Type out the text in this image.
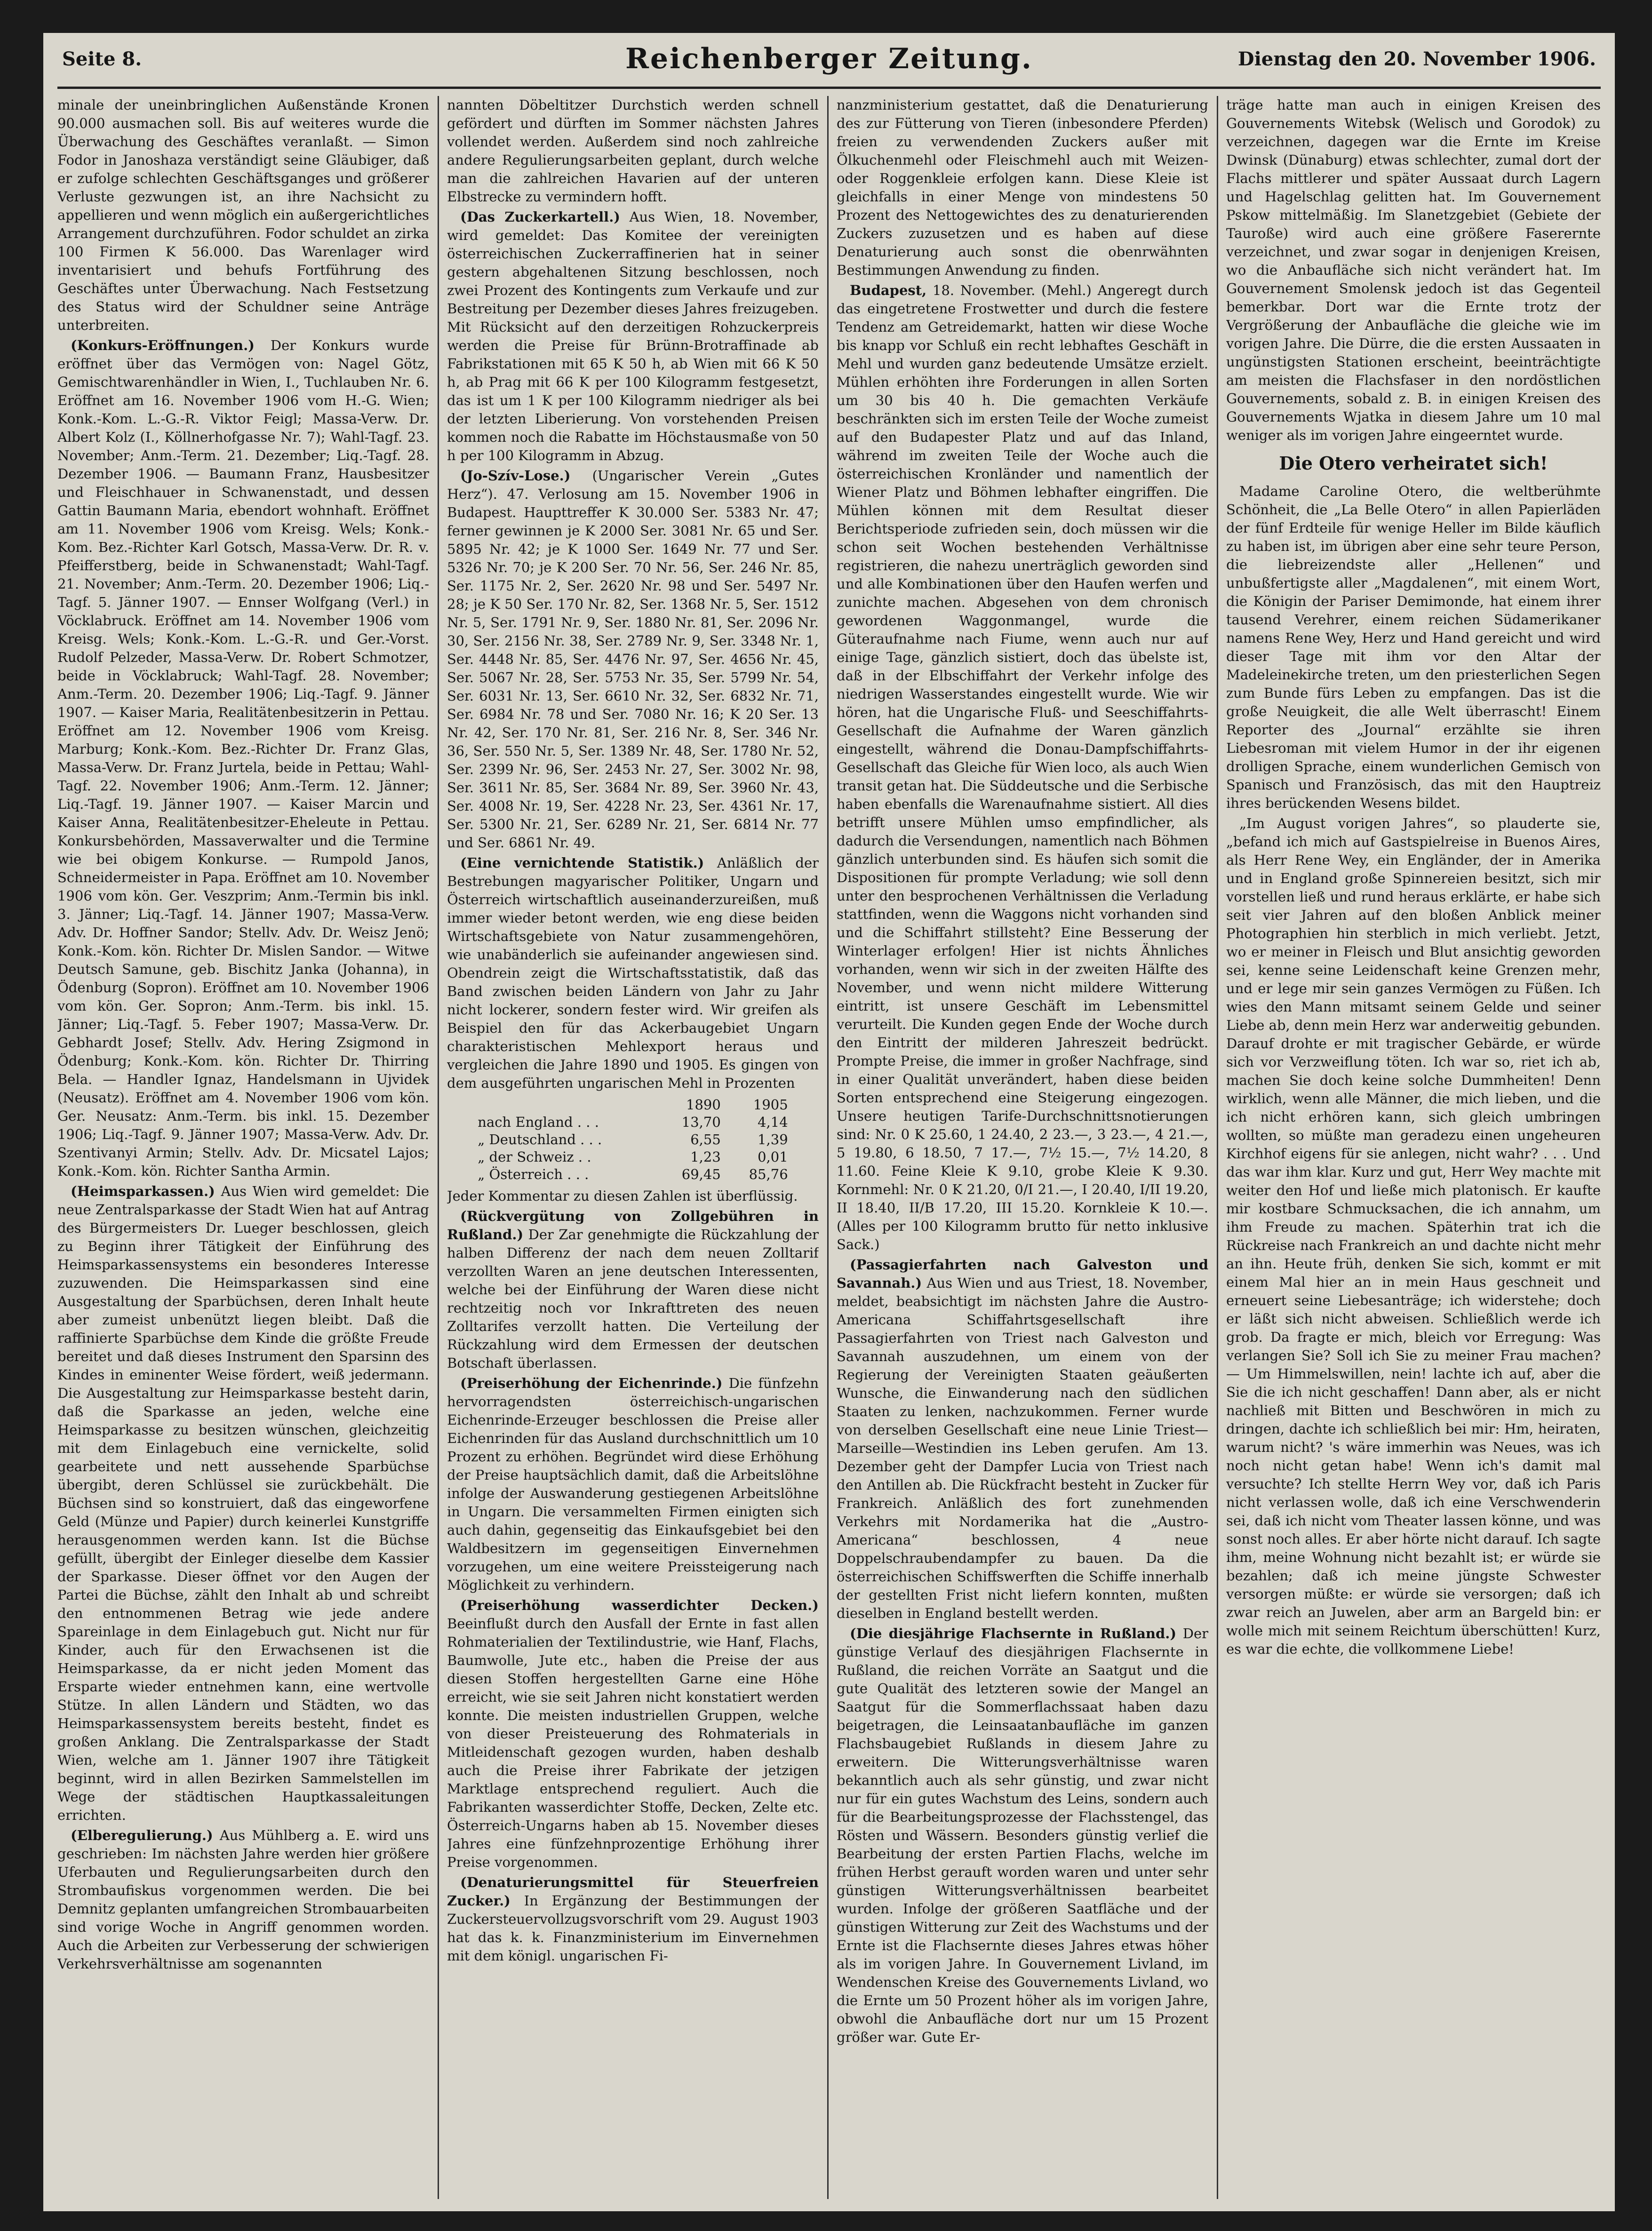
Seite 8.	Reichenberger Zeitung.	Dienstag den 20. November 1906.

minale der uneinbringlichen Außenstände Kronen 90.000 ausmachen soll. Bis auf weiteres wurde die Überwachung des Geschäftes veranlaßt. — Simon Fodor in Janoshaza verständigt seine Gläubiger, daß er zufolge schlechten Geschäftsganges und größerer Verluste gezwungen ist, an ihre Nachsicht zu appellieren und wenn möglich ein außergerichtliches Arrangement durchzuführen. Fodor schuldet an zirka 100 Firmen K 56.000. Das Warenlager wird inventarisiert und behufs Fortführung des Geschäftes unter Überwachung. Nach Festsetzung des Status wird der Schuldner seine Anträge unterbreiten.

(Konkurs-Eröffnungen.) Der Konkurs wurde eröffnet über das Vermögen von: Nagel Götz, Gemischtwarenhändler in Wien, I., Tuchlauben Nr. 6. Eröffnet am 16. November 1906 vom H.-G. Wien; Konk.-Kom. L.-G.-R. Viktor Feigl; Massa-Verw. Dr. Albert Kolz (I., Köllnerhofgasse Nr. 7); Wahl-Tagf. 23. November; Anm.-Term. 21. Dezember; Liq.-Tagf. 28. Dezember 1906. — Baumann Franz, Hausbesitzer und Fleischhauer in Schwanenstadt, und dessen Gattin Baumann Maria, ebendort wohnhaft. Eröffnet am 11. November 1906 vom Kreisg. Wels; Konk.-Kom. Bez.-Richter Karl Gotsch, Massa-Verw. Dr. R. v. Pfeifferstberg, beide in Schwanenstadt; Wahl-Tagf. 21. November; Anm.-Term. 20. Dezember 1906; Liq.-Tagf. 5. Jänner 1907. — Ennser Wolfgang (Verl.) in Vöcklabruck. Eröffnet am 14. November 1906 vom Kreisg. Wels; Konk.-Kom. L.-G.-R. und Ger.-Vorst. Rudolf Pelzeder, Massa-Verw. Dr. Robert Schmotzer, beide in Vöcklabruck; Wahl-Tagf. 28. November; Anm.-Term. 20. Dezember 1906; Liq.-Tagf. 9. Jänner 1907. — Kaiser Maria, Realitätenbesitzerin in Pettau. Eröffnet am 12. November 1906 vom Kreisg. Marburg; Konk.-Kom. Bez.-Richter Dr. Franz Glas, Massa-Verw. Dr. Franz Jurtela, beide in Pettau; Wahl-Tagf. 22. November 1906; Anm.-Term. 12. Jänner; Liq.-Tagf. 19. Jänner 1907. — Kaiser Marcin und Kaiser Anna, Realitätenbesitzer-Eheleute in Pettau. Konkursbehörden, Massaverwalter und die Termine wie bei obigem Konkurse. — Rumpold Janos, Schneidermeister in Papa. Eröffnet am 10. November 1906 vom kön. Ger. Veszprim; Anm.-Termin bis inkl. 3. Jänner; Liq.-Tagf. 14. Jänner 1907; Massa-Verw. Adv. Dr. Hoffner Sandor; Stellv. Adv. Dr. Weisz Jenö; Konk.-Kom. kön. Richter Dr. Mislen Sandor. — Witwe Deutsch Samune, geb. Bischitz Janka (Johanna), in Ödenburg (Sopron). Eröffnet am 10. November 1906 vom kön. Ger. Sopron; Anm.-Term. bis inkl. 15. Jänner; Liq.-Tagf. 5. Feber 1907; Massa-Verw. Dr. Gebhardt Josef; Stellv. Adv. Hering Zsigmond in Ödenburg; Konk.-Kom. kön. Richter Dr. Thirring Bela. — Handler Ignaz, Handelsmann in Ujvidek (Neusatz). Eröffnet am 4. November 1906 vom kön. Ger. Neusatz: Anm.-Term. bis inkl. 15. Dezember 1906; Liq.-Tagf. 9. Jänner 1907; Massa-Verw. Adv. Dr. Szentivanyi Armin; Stellv. Adv. Dr. Micsatel Lajos; Konk.-Kom. kön. Richter Santha Armin.

(Heimsparkassen.) Aus Wien wird gemeldet: Die neue Zentralsparkasse der Stadt Wien hat auf Antrag des Bürgermeisters Dr. Lueger beschlossen, gleich zu Beginn ihrer Tätigkeit der Einführung des Heimsparkassensystems ein besonderes Interesse zuzuwenden. Die Heimsparkassen sind eine Ausgestaltung der Sparbüchsen, deren Inhalt heute aber zumeist unbenützt liegen bleibt. Daß die raffinierte Sparbüchse dem Kinde die größte Freude bereitet und daß dieses Instrument den Sparsinn des Kindes in eminenter Weise fördert, weiß jedermann. Die Ausgestaltung zur Heimsparkasse besteht darin, daß die Sparkasse an jeden, welche eine Heimsparkasse zu besitzen wünschen, gleichzeitig mit dem Einlagebuch eine vernickelte, solid gearbeitete und nett aussehende Sparbüchse übergibt, deren Schlüssel sie zurückbehält. Die Büchsen sind so konstruiert, daß das eingeworfene Geld (Münze und Papier) durch keinerlei Kunstgriffe herausgenommen werden kann. Ist die Büchse gefüllt, übergibt der Einleger dieselbe dem Kassier der Sparkasse. Dieser öffnet vor den Augen der Partei die Büchse, zählt den Inhalt ab und schreibt den entnommenen Betrag wie jede andere Spareinlage in dem Einlagebuch gut. Nicht nur für Kinder, auch für den Erwachsenen ist die Heimsparkasse, da er nicht jeden Moment das Ersparte wieder entnehmen kann, eine wertvolle Stütze. In allen Ländern und Städten, wo das Heimsparkassensystem bereits besteht, findet es großen Anklang. Die Zentralsparkasse der Stadt Wien, welche am 1. Jänner 1907 ihre Tätigkeit beginnt, wird in allen Bezirken Sammelstellen im Wege der städtischen Hauptkassaleitungen errichten.

(Elberegulierung.) Aus Mühlberg a. E. wird uns geschrieben: Im nächsten Jahre werden hier größere Uferbauten und Regulierungsarbeiten durch den Strombaufiskus vorgenommen werden. Die bei Demnitz geplanten umfangreichen Strombauarbeiten sind vorige Woche in Angriff genommen worden. Auch die Arbeiten zur Verbesserung der schwierigen Verkehrsverhältnisse am sogenannten

nannten Döbeltitzer Durchstich werden schnell gefördert und dürften im Sommer nächsten Jahres vollendet werden. Außerdem sind noch zahlreiche andere Regulierungsarbeiten geplant, durch welche man die zahlreichen Havarien auf der unteren Elbstrecke zu vermindern hofft.

(Das Zuckerkartell.) Aus Wien, 18. November, wird gemeldet: Das Komitee der vereinigten österreichischen Zuckerraffinerien hat in seiner gestern abgehaltenen Sitzung beschlossen, noch zwei Prozent des Kontingents zum Verkaufe und zur Bestreitung per Dezember dieses Jahres freizugeben. Mit Rücksicht auf den derzeitigen Rohzuckerpreis werden die Preise für Brünn-Brotraffinade ab Fabrikstationen mit 65 K 50 h, ab Wien mit 66 K 50 h, ab Prag mit 66 K per 100 Kilogramm festgesetzt, das ist um 1 K per 100 Kilogramm niedriger als bei der letzten Liberierung. Von vorstehenden Preisen kommen noch die Rabatte im Höchstausmaße von 50 h per 100 Kilogramm in Abzug.

(Jo-Szív-Lose.) (Ungarischer Verein „Gutes Herz“). 47. Verlosung am 15. November 1906 in Budapest. Haupttreffer K 30.000 Ser. 5383 Nr. 47; ferner gewinnen je K 2000 Ser. 3081 Nr. 65 und Ser. 5895 Nr. 42; je K 1000 Ser. 1649 Nr. 77 und Ser. 5326 Nr. 70; je K 200 Ser. 70 Nr. 56, Ser. 246 Nr. 85, Ser. 1175 Nr. 2, Ser. 2620 Nr. 98 und Ser. 5497 Nr. 28; je K 50 Ser. 170 Nr. 82, Ser. 1368 Nr. 5, Ser. 1512 Nr. 5, Ser. 1791 Nr. 9, Ser. 1880 Nr. 81, Ser. 2096 Nr. 30, Ser. 2156 Nr. 38, Ser. 2789 Nr. 9, Ser. 3348 Nr. 1, Ser. 4448 Nr. 85, Ser. 4476 Nr. 97, Ser. 4656 Nr. 45, Ser. 5067 Nr. 28, Ser. 5753 Nr. 35, Ser. 5799 Nr. 54, Ser. 6031 Nr. 13, Ser. 6610 Nr. 32, Ser. 6832 Nr. 71, Ser. 6984 Nr. 78 und Ser. 7080 Nr. 16; K 20 Ser. 13 Nr. 42, Ser. 170 Nr. 81, Ser. 216 Nr. 8, Ser. 346 Nr. 36, Ser. 550 Nr. 5, Ser. 1389 Nr. 48, Ser. 1780 Nr. 52, Ser. 2399 Nr. 96, Ser. 2453 Nr. 27, Ser. 3002 Nr. 98, Ser. 3611 Nr. 85, Ser. 3684 Nr. 89, Ser. 3960 Nr. 43, Ser. 4008 Nr. 19, Ser. 4228 Nr. 23, Ser. 4361 Nr. 17, Ser. 5300 Nr. 21, Ser. 6289 Nr. 21, Ser. 6814 Nr. 77 und Ser. 6861 Nr. 49.

(Eine vernichtende Statistik.) Anläßlich der Bestrebungen magyarischer Politiker, Ungarn und Österreich wirtschaftlich auseinanderzureißen, muß immer wieder betont werden, wie eng diese beiden Wirtschaftsgebiete von Natur zusammengehören, wie unabänderlich sie aufeinander angewiesen sind. Obendrein zeigt die Wirtschaftsstatistik, daß das Band zwischen beiden Ländern von Jahr zu Jahr nicht lockerer, sondern fester wird. Wir greifen als Beispiel den für das Ackerbaugebiet Ungarn charakteristischen Mehlexport heraus und vergleichen die Jahre 1890 und 1905. Es gingen von dem ausgeführten ungarischen Mehl in Prozenten

	1890	1905
nach England . . .	13,70	4,14
„ Deutschland . . .	6,55	1,39
„ der Schweiz . .	1,23	0,01
„ Österreich . . .	69,45	85,76

Jeder Kommentar zu diesen Zahlen ist überflüssig.

(Rückvergütung von Zollgebühren in Rußland.) Der Zar genehmigte die Rückzahlung der halben Differenz der nach dem neuen Zolltarif verzollten Waren an jene deutschen Interessenten, welche bei der Einführung der Waren diese nicht rechtzeitig noch vor Inkrafttreten des neuen Zolltarifes verzollt hatten. Die Verteilung der Rückzahlung wird dem Ermessen der deutschen Botschaft überlassen.

(Preiserhöhung der Eichenrinde.) Die fünfzehn hervorragendsten österreichisch-ungarischen Eichenrinde-Erzeuger beschlossen die Preise aller Eichenrinden für das Ausland durchschnittlich um 10 Prozent zu erhöhen. Begründet wird diese Erhöhung der Preise hauptsächlich damit, daß die Arbeitslöhne infolge der Auswanderung gestiegenen Arbeitslöhne in Ungarn. Die versammelten Firmen einigten sich auch dahin, gegenseitig das Einkaufsgebiet bei den Waldbesitzern im gegenseitigen Einvernehmen vorzugehen, um eine weitere Preissteigerung nach Möglichkeit zu verhindern.

(Preiserhöhung wasserdichter Decken.) Beeinflußt durch den Ausfall der Ernte in fast allen Rohmaterialien der Textilindustrie, wie Hanf, Flachs, Baumwolle, Jute etc., haben die Preise der aus diesen Stoffen hergestellten Garne eine Höhe erreicht, wie sie seit Jahren nicht konstatiert werden konnte. Die meisten industriellen Gruppen, welche von dieser Preisteuerung des Rohmaterials in Mitleidenschaft gezogen wurden, haben deshalb auch die Preise ihrer Fabrikate der jetzigen Marktlage entsprechend reguliert. Auch die Fabrikanten wasserdichter Stoffe, Decken, Zelte etc. Österreich-Ungarns haben ab 15. November dieses Jahres eine fünfzehnprozentige Erhöhung ihrer Preise vorgenommen.

(Denaturierungsmittel für Steuerfreien Zucker.) In Ergänzung der Bestimmungen der Zuckersteuervollzugsvorschrift vom 29. August 1903 hat das k. k. Finanzministerium im Einvernehmen mit dem königl. ungarischen Fi-

nanzministerium gestattet, daß die Denaturierung des zur Fütterung von Tieren (inbesondere Pferden) freien zu verwendenden Zuckers außer mit Ölkuchenmehl oder Fleischmehl auch mit Weizen- oder Roggenkleie erfolgen kann. Diese Kleie ist gleichfalls in einer Menge von mindestens 50 Prozent des Nettogewichtes des zu denaturierenden Zuckers zuzusetzen und es haben auf diese Denaturierung auch sonst die obenrwähnten Bestimmungen Anwendung zu finden.

Budapest, 18. November. (Mehl.) Angeregt durch das eingetretene Frostwetter und durch die festere Tendenz am Getreidemarkt, hatten wir diese Woche bis knapp vor Schluß ein recht lebhaftes Geschäft in Mehl und wurden ganz bedeutende Umsätze erzielt. Mühlen erhöhten ihre Forderungen in allen Sorten um 30 bis 40 h. Die gemachten Verkäufe beschränkten sich im ersten Teile der Woche zumeist auf den Budapester Platz und auf das Inland, während im zweiten Teile der Woche auch die österreichischen Kronländer und namentlich der Wiener Platz und Böhmen lebhafter eingriffen. Die Mühlen können mit dem Resultat dieser Berichtsperiode zufrieden sein, doch müssen wir die schon seit Wochen bestehenden Verhältnisse registrieren, die nahezu unerträglich geworden sind und alle Kombinationen über den Haufen werfen und zunichte machen. Abgesehen von dem chronisch gewordenen Waggonmangel, wurde die Güteraufnahme nach Fiume, wenn auch nur auf einige Tage, gänzlich sistiert, doch das übelste ist, daß in der Elbschiffahrt der Verkehr infolge des niedrigen Wasserstandes eingestellt wurde. Wie wir hören, hat die Ungarische Fluß- und Seeschiffahrts-Gesellschaft die Aufnahme der Waren gänzlich eingestellt, während die Donau-Dampfschiffahrts-Gesellschaft das Gleiche für Wien loco, als auch Wien transit getan hat. Die Süddeutsche und die Serbische haben ebenfalls die Warenaufnahme sistiert. All dies betrifft unsere Mühlen umso empfindlicher, als dadurch die Versendungen, namentlich nach Böhmen gänzlich unterbunden sind. Es häufen sich somit die Dispositionen für prompte Verladung; wie soll denn unter den besprochenen Verhältnissen die Verladung stattfinden, wenn die Waggons nicht vorhanden sind und die Schiffahrt stillsteht? Eine Besserung der Winterlager erfolgen! Hier ist nichts Ähnliches vorhanden, wenn wir sich in der zweiten Hälfte des November, und wenn nicht mildere Witterung eintritt, ist unsere Geschäft im Lebensmittel verurteilt. Die Kunden gegen Ende der Woche durch den Eintritt der milderen Jahreszeit bedrückt. Prompte Preise, die immer in großer Nachfrage, sind in einer Qualität unverändert, haben diese beiden Sorten entsprechend eine Steigerung eingezogen. Unsere heutigen Tarife-Durchschnittsnotierungen sind: Nr. 0 K 25.60, 1 24.40, 2 23.—, 3 23.—, 4 21.—, 5 19.80, 6 18.50, 7 17.—, 7½ 15.—, 7½ 14.20, 8 11.60. Feine Kleie K 9.10, grobe Kleie K 9.30. Kornmehl: Nr. 0 K 21.20, 0/I 21.—, I 20.40, I/II 19.20, II 18.40, II/B 17.20, III 15.20. Kornkleie K 10.—. (Alles per 100 Kilogramm brutto für netto inklusive Sack.)

(Passagierfahrten nach Galveston und Savannah.) Aus Wien und aus Triest, 18. November, meldet, beabsichtigt im nächsten Jahre die Austro-Americana Schiffahrtsgesellschaft ihre Passagierfahrten von Triest nach Galveston und Savannah auszudehnen, um einem von der Regierung der Vereinigten Staaten geäußerten Wunsche, die Einwanderung nach den südlichen Staaten zu lenken, nachzukommen. Ferner wurde von derselben Gesellschaft eine neue Linie Triest—Marseille—Westindien ins Leben gerufen. Am 13. Dezember geht der Dampfer Lucia von Triest nach den Antillen ab. Die Rückfracht besteht in Zucker für Frankreich. Anläßlich des fort zunehmenden Verkehrs mit Nordamerika hat die „Austro-Americana“ beschlossen, 4 neue Doppelschraubendampfer zu bauen. Da die österreichischen Schiffswerften die Schiffe innerhalb der gestellten Frist nicht liefern konnten, mußten dieselben in England bestellt werden.

(Die diesjährige Flachsernte in Rußland.) Der günstige Verlauf des diesjährigen Flachsernte in Rußland, die reichen Vorräte an Saatgut und die gute Qualität des letzteren sowie der Mangel an Saatgut für die Sommerflachssaat haben dazu beigetragen, die Leinsaatanbaufläche im ganzen Flachsbaugebiet Rußlands in diesem Jahre zu erweitern. Die Witterungsverhältnisse waren bekanntlich auch als sehr günstig, und zwar nicht nur für ein gutes Wachstum des Leins, sondern auch für die Bearbeitungsprozesse der Flachsstengel, das Rösten und Wässern. Besonders günstig verlief die Bearbeitung der ersten Partien Flachs, welche im frühen Herbst gerauft worden waren und unter sehr günstigen Witterungsverhältnissen bearbeitet wurden. Infolge der größeren Saatfläche und der günstigen Witterung zur Zeit des Wachstums und der Ernte ist die Flachsernte dieses Jahres etwas höher als im vorigen Jahre. In Gouvernement Livland, im Wendenschen Kreise des Gouvernements Livland, wo die Ernte um 50 Prozent höher als im vorigen Jahre, obwohl die Anbaufläche dort nur um 15 Prozent größer war. Gute Er-

träge hatte man auch in einigen Kreisen des Gouvernements Witebsk (Welisch und Gorodok) zu verzeichnen, dagegen war die Ernte im Kreise Dwinsk (Dünaburg) etwas schlechter, zumal dort der Flachs mittlerer und später Aussaat durch Lagern und Hagelschlag gelitten hat. Im Gouvernement Pskow mittelmäßig. Im Slanetzgebiet (Gebiete der Tauroße) wird auch eine größere Faserernte verzeichnet, und zwar sogar in denjenigen Kreisen, wo die Anbaufläche sich nicht verändert hat. Im Gouvernement Smolensk jedoch ist das Gegenteil bemerkbar. Dort war die Ernte trotz der Vergrößerung der Anbaufläche die gleiche wie im vorigen Jahre. Die Dürre, die die ersten Aussaaten in ungünstigsten Stationen erscheint, beeinträchtigte am meisten die Flachsfaser in den nordöstlichen Gouvernements, sobald z. B. in einigen Kreisen des Gouvernements Wjatka in diesem Jahre um 10 mal weniger als im vorigen Jahre eingeerntet wurde.

Die Otero verheiratet sich!

Madame Caroline Otero, die weltberühmte Schönheit, die „La Belle Otero“ in allen Papierläden der fünf Erdteile für wenige Heller im Bilde käuflich zu haben ist, im übrigen aber eine sehr teure Person, die liebreizendste aller „Hellenen“ und unbußfertigste aller „Magdalenen“, mit einem Wort, die Königin der Pariser Demimonde, hat einem ihrer tausend Verehrer, einem reichen Südamerikaner namens Rene Wey, Herz und Hand gereicht und wird dieser Tage mit ihm vor den Altar der Madeleinekirche treten, um den priesterlichen Segen zum Bunde fürs Leben zu empfangen. Das ist die große Neuigkeit, die alle Welt überrascht! Einem Reporter des „Journal“ erzählte sie ihren Liebesroman mit vielem Humor in der ihr eigenen drolligen Sprache, einem wunderlichen Gemisch von Spanisch und Französisch, das mit den Hauptreiz ihres berückenden Wesens bildet.

„Im August vorigen Jahres“, so plauderte sie, „befand ich mich auf Gastspielreise in Buenos Aires, als Herr Rene Wey, ein Engländer, der in Amerika und in England große Spinnereien besitzt, sich mir vorstellen ließ und rund heraus erklärte, er habe sich seit vier Jahren auf den bloßen Anblick meiner Photographien hin sterblich in mich verliebt. Jetzt, wo er meiner in Fleisch und Blut ansichtig geworden sei, kenne seine Leidenschaft keine Grenzen mehr, und er lege mir sein ganzes Vermögen zu Füßen. Ich wies den Mann mitsamt seinem Gelde und seiner Liebe ab, denn mein Herz war anderweitig gebunden. Darauf drohte er mit tragischer Gebärde, er würde sich vor Verzweiflung töten. Ich war so, riet ich ab, machen Sie doch keine solche Dummheiten! Denn wirklich, wenn alle Männer, die mich lieben, und die ich nicht erhören kann, sich gleich umbringen wollten, so müßte man geradezu einen ungeheuren Kirchhof eigens für sie anlegen, nicht wahr? . . . Und das war ihm klar. Kurz und gut, Herr Wey machte mit weiter den Hof und ließe mich platonisch. Er kaufte mir kostbare Schmucksachen, die ich annahm, um ihm Freude zu machen. Späterhin trat ich die Rückreise nach Frankreich an und dachte nicht mehr an ihn. Heute früh, denken Sie sich, kommt er mit einem Mal hier an in mein Haus geschneit und erneuert seine Liebesanträge; ich widerstehe; doch er läßt sich nicht abweisen. Schließlich werde ich grob. Da fragte er mich, bleich vor Erregung: Was verlangen Sie? Soll ich Sie zu meiner Frau machen? — Um Himmelswillen, nein! lachte ich auf, aber die Sie die ich nicht geschaffen! Dann aber, als er nicht nachließ mit Bitten und Beschwören in mich zu dringen, dachte ich schließlich bei mir: Hm, heiraten, warum nicht? 's wäre immerhin was Neues, was ich noch nicht getan habe! Wenn ich's damit mal versuchte? Ich stellte Herrn Wey vor, daß ich Paris nicht verlassen wolle, daß ich eine Verschwenderin sei, daß ich nicht vom Theater lassen könne, und was sonst noch alles. Er aber hörte nicht darauf. Ich sagte ihm, meine Wohnung nicht bezahlt ist; er würde sie bezahlen; daß ich meine jüngste Schwester versorgen müßte: er würde sie versorgen; daß ich zwar reich an Juwelen, aber arm an Bargeld bin: er wolle mich mit seinem Reichtum überschütten! Kurz, es war die echte, die vollkommene Liebe!
